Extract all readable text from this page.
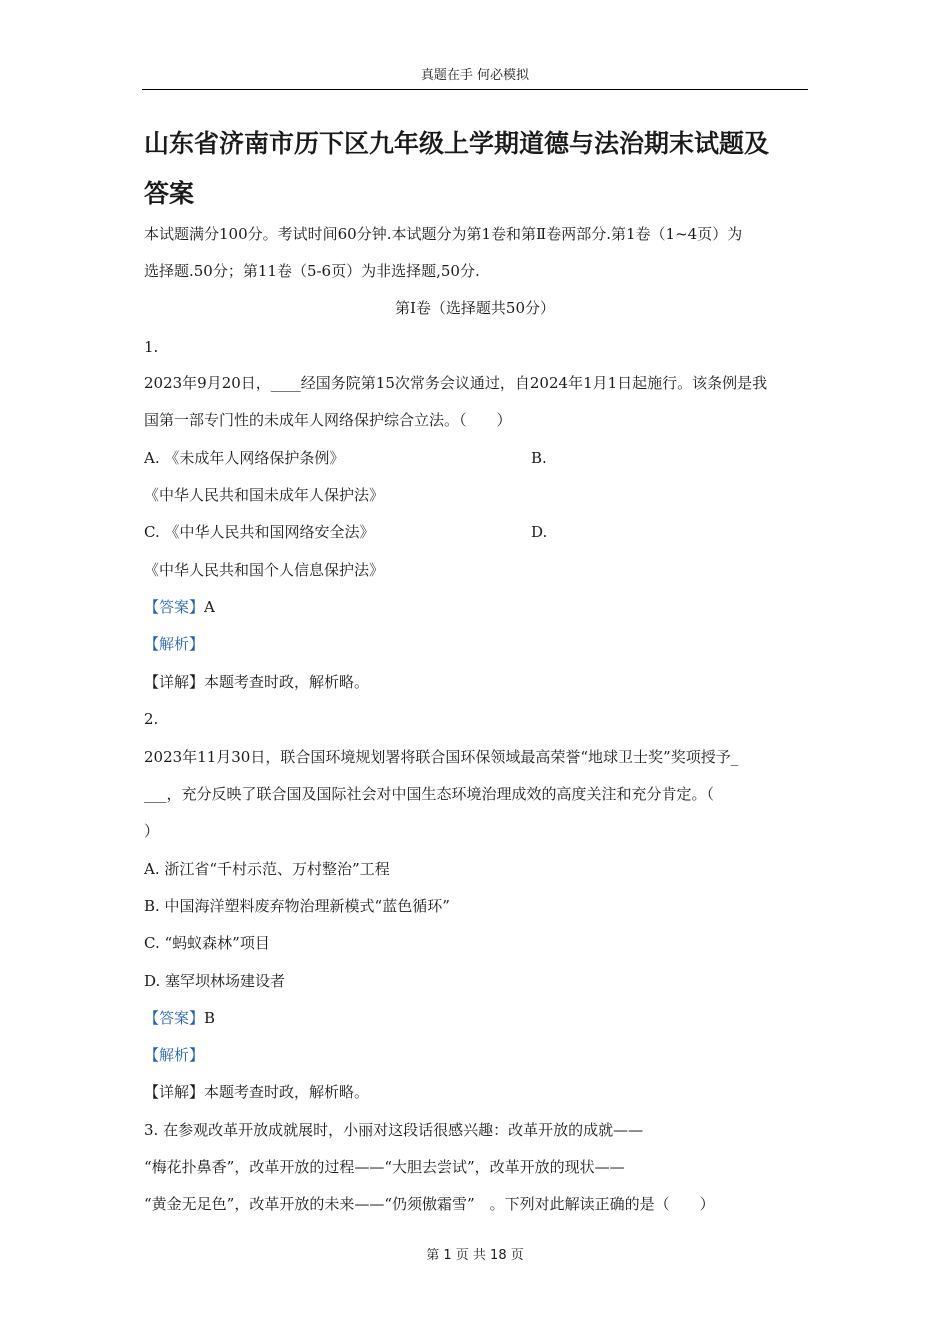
真题在手 何必模拟
山东省济南市历下区九年级上学期道德与法治期末试题及
答案
本试题满分100分。考试时间60分钟.本试题分为第1卷和第Ⅱ卷两部分.第1卷（1~4页）为
选择题.50分；第11卷（5-6页）为非选择题,50分.
第Ⅰ卷（选择题共50分）
1.
2023年9月20日，____经国务院第15次常务会议通过，自2024年1月1日起施行。该条例是我
国第一部专门性的未成年人网络保护综合立法。（　　）
A. 《未成年人网络保护条例》	B.
《中华人民共和国未成年人保护法》
C. 《中华人民共和国网络安全法》	D.
《中华人民共和国个人信息保护法》
【答案】A
【解析】
【详解】本题考查时政，解析略。
2.
2023年11月30日，联合国环境规划署将联合国环保领域最高荣誉“地球卫士奖”奖项授予_
___，充分反映了联合国及国际社会对中国生态环境治理成效的高度关注和充分肯定。（
）
A. 浙江省“千村示范、万村整治”工程
B. 中国海洋塑料废弃物治理新模式“蓝色循环”
C. “蚂蚁森林”项目
D. 塞罕坝林场建设者
【答案】B
【解析】
【详解】本题考查时政，解析略。
3. 在参观改革开放成就展时，小丽对这段话很感兴趣：改革开放的成就——
“梅花扑鼻香”，改革开放的过程——“大胆去尝试”，改革开放的现状——
“黄金无足色”，改革开放的未来——“仍须傲霜雪”　。下列对此解读正确的是（　　）
第 1 页 共 18 页
